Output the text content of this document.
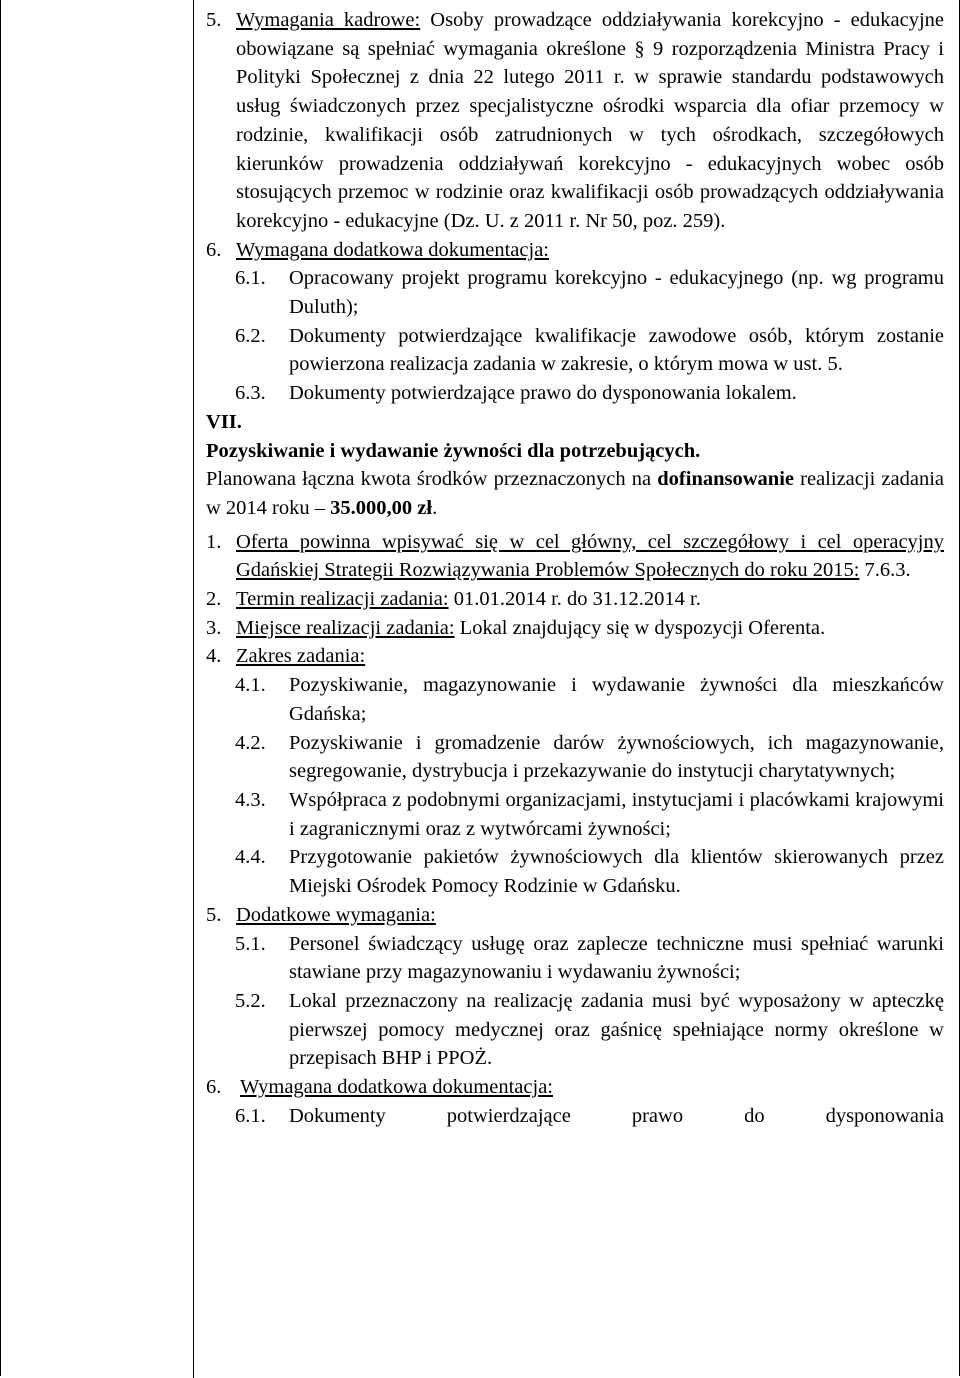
5. Wymagania kadrowe: Osoby prowadzące oddziaływania korekcyjno - edukacyjne obowiązane są spełniać wymagania określone § 9 rozporządzenia Ministra Pracy i Polityki Społecznej z dnia 22 lutego 2011 r. w sprawie standardu podstawowych usług świadczonych przez specjalistyczne ośrodki wsparcia dla ofiar przemocy w rodzinie, kwalifikacji osób zatrudnionych w tych ośrodkach, szczegółowych kierunków prowadzenia oddziaływań korekcyjno - edukacyjnych wobec osób stosujących przemoc w rodzinie oraz kwalifikacji osób prowadzących oddziaływania korekcyjno - edukacyjne (Dz. U. z 2011 r. Nr 50, poz. 259).
6. Wymagana dodatkowa dokumentacja:
6.1.	Opracowany projekt programu korekcyjno - edukacyjnego (np. wg programu Duluth);
6.2.	Dokumenty potwierdzające kwalifikacje zawodowe osób, którym zostanie powierzona realizacja zadania w zakresie, o którym mowa w ust. 5.
6.3.	Dokumenty potwierdzające prawo do dysponowania lokalem.
VII.
Pozyskiwanie i wydawanie żywności dla potrzebujących.
Planowana łączna kwota środków przeznaczonych na dofinansowanie realizacji zadania w 2014 roku – 35.000,00 zł.
1. Oferta powinna wpisywać się w cel główny, cel szczegółowy i cel operacyjny Gdańskiej Strategii Rozwiązywania Problemów Społecznych do roku 2015: 7.6.3.
2. Termin realizacji zadania: 01.01.2014 r. do 31.12.2014 r.
3. Miejsce realizacji zadania: Lokal znajdujący się w dyspozycji Oferenta.
4. Zakres zadania:
4.1.	Pozyskiwanie, magazynowanie i wydawanie żywności dla mieszkańców Gdańska;
4.2.	Pozyskiwanie i gromadzenie darów żywnościowych, ich magazynowanie, segregowanie, dystrybucja i przekazywanie do instytucji charytatywnych;
4.3.	Współpraca z podobnymi organizacjami, instytucjami i placówkami krajowymi i zagranicznymi oraz z wytwórcami żywności;
4.4.	Przygotowanie pakietów żywnościowych dla klientów skierowanych przez Miejski Ośrodek Pomocy Rodzinie w Gdańsku.
5. Dodatkowe wymagania:
5.1.	Personel świadczący usługę oraz zaplecze techniczne musi spełniać warunki stawiane przy magazynowaniu i wydawaniu żywności;
5.2.	Lokal przeznaczony na realizację zadania musi być wyposażony w apteczkę pierwszej pomocy medycznej oraz gaśnicę spełniające normy określone w przepisach BHP i PPOŻ.
6. Wymagana dodatkowa dokumentacja:
6.1.	Dokumenty potwierdzające prawo do dysponowania
